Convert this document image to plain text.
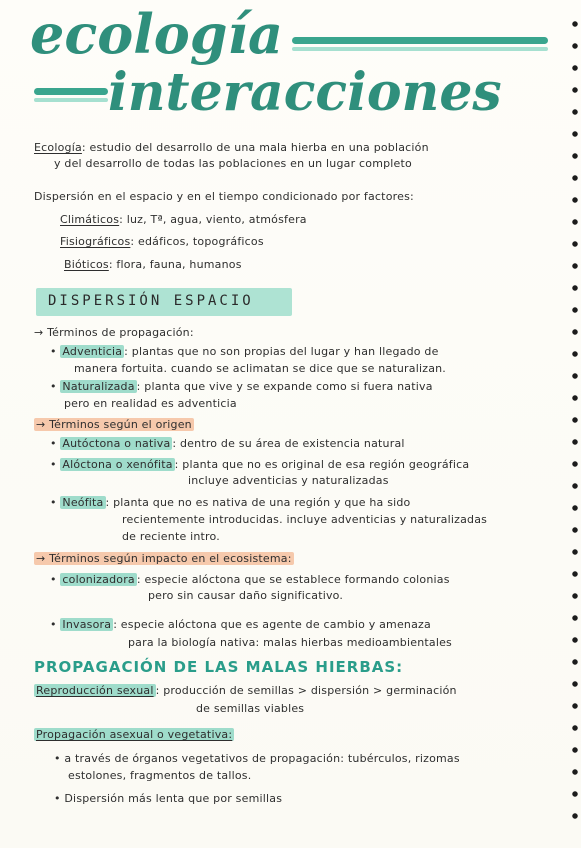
ecología
interacciones
Ecología: estudio del desarrollo de una mala hierba en una población
y del desarrollo de todas las poblaciones en un lugar completo
Dispersión en el espacio y en el tiempo condicionado por factores:
Climáticos: luz, Tª, agua, viento, atmósfera
Fisiográficos: edáficos, topográficos
Bióticos: flora, fauna, humanos
DISPERSIÓN ESPACIO
→ Términos de propagación:
• Adventicia : plantas que no son propias del lugar y han llegado de
manera fortuita. cuando se aclimatan se dice que se naturalizan.
• Naturalizada : planta que vive y se expande como si fuera nativa
pero en realidad es adventicia
→ Términos según el origen
• Autóctona o nativa : dentro de su área de existencia natural
• Alóctona o xenófita : planta que no es original de esa región geográfica
incluye adventicias y naturalizadas
• Neófita : planta que no es nativa de una región y que ha sido
recientemente introducidas. incluye adventicias y naturalizadas
de reciente intro.
→ Términos según impacto en el ecosistema:
• colonizadora : especie alóctona que se establece formando colonias
pero sin causar daño significativo.
• Invasora : especie alóctona que es agente de cambio y amenaza
para la biología nativa: malas hierbas medioambientales
PROPAGACIÓN DE LAS MALAS HIERBAS:
Reproducción sexual : producción de semillas > dispersión > germinación
de semillas viables
Propagación asexual o vegetativa:
• a través de órganos vegetativos de propagación: tubérculos, rizomas
estolones, fragmentos de tallos.
• Dispersión más lenta que por semillas
